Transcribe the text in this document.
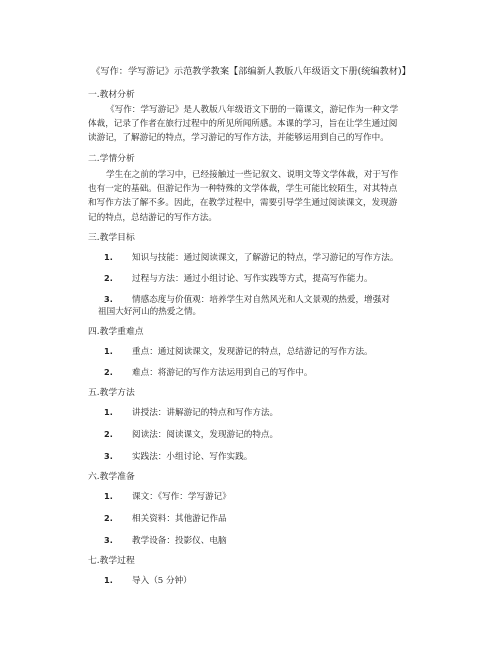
《写作：学写游记》示范教学教案【部编新人教版八年级语文下册(统编教材)】
一.教材分析
《写作：学写游记》是人教版八年级语文下册的一篇课文，游记作为一种文学
体裁，记录了作者在旅行过程中的所见所闻所感。本课的学习，旨在让学生通过阅
读游记，了解游记的特点，学习游记的写作方法，并能够运用到自己的写作中。
二.学情分析
学生在之前的学习中，已经接触过一些记叙文、说明文等文学体裁，对于写作
也有一定的基础。但游记作为一种特殊的文学体裁，学生可能比较陌生，对其特点
和写作方法了解不多。因此，在教学过程中，需要引导学生通过阅读课文，发现游
记的特点，总结游记的写作方法。
三.教学目标
1. 知识与技能：通过阅读课文，了解游记的特点，学习游记的写作方法。
2. 过程与方法：通过小组讨论、写作实践等方式，提高写作能力。
3. 情感态度与价值观：培养学生对自然风光和人文景观的热爱，增强对
祖国大好河山的热爱之情。
四.教学重难点
1. 重点：通过阅读课文，发现游记的特点，总结游记的写作方法。
2. 难点：将游记的写作方法运用到自己的写作中。
五.教学方法
1. 讲授法：讲解游记的特点和写作方法。
2. 阅读法：阅读课文，发现游记的特点。
3. 实践法：小组讨论、写作实践。
六.教学准备
1. 课文：《写作：学写游记》
2. 相关资料：其他游记作品
3. 教学设备：投影仪、电脑
七.教学过程
1. 导入（5 分钟）
